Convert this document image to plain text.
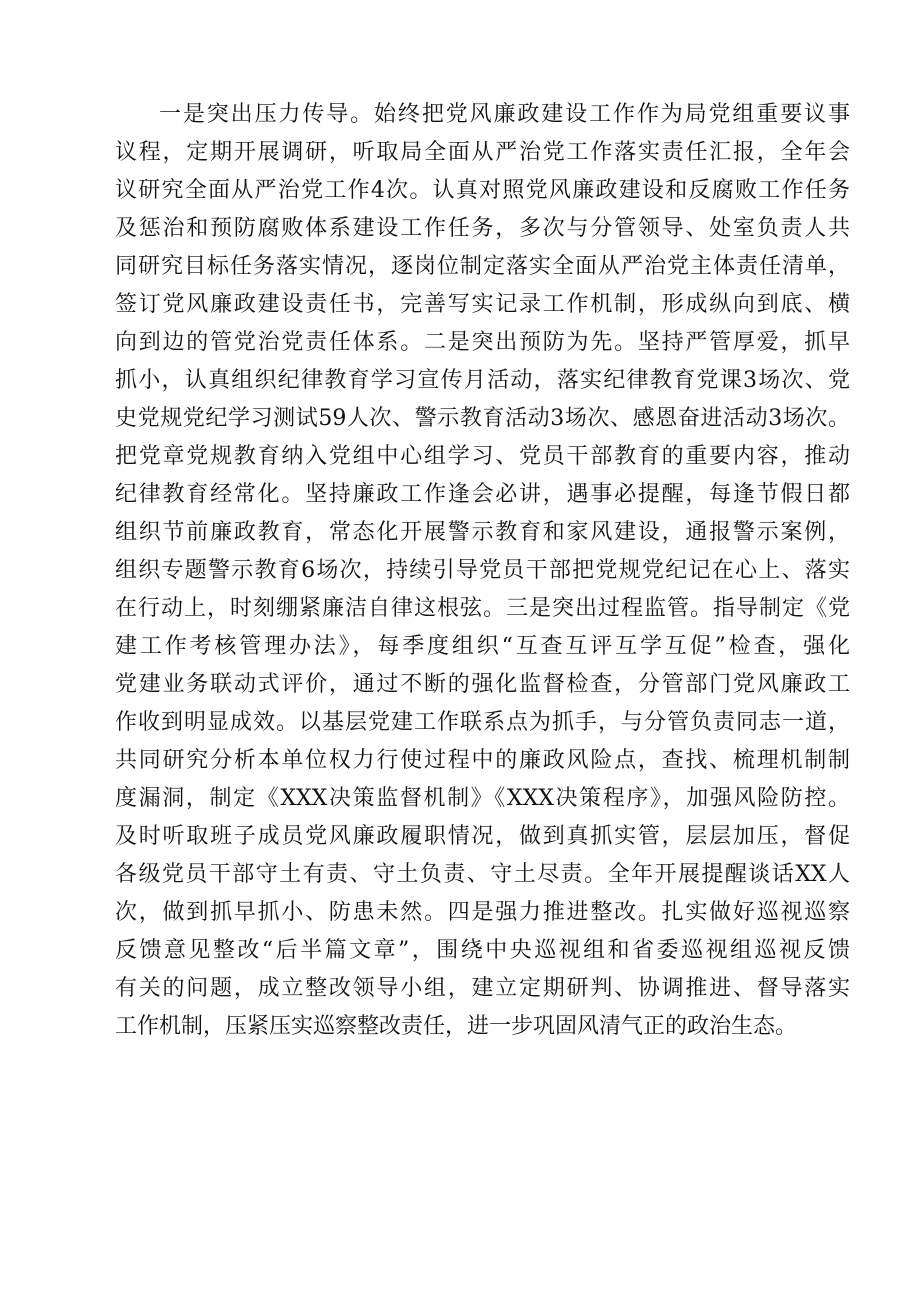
一是突出压力传导。始终把党风廉政建设工作作为局党组重要议事
议程，定期开展调研，听取局全面从严治党工作落实责任汇报，全年会
议研究全面从严治党工作4次。认真对照党风廉政建设和反腐败工作任务
及惩治和预防腐败体系建设工作任务，多次与分管领导、处室负责人共
同研究目标任务落实情况，逐岗位制定落实全面从严治党主体责任清单，
签订党风廉政建设责任书，完善写实记录工作机制，形成纵向到底、横
向到边的管党治党责任体系。二是突出预防为先。坚持严管厚爱，抓早
抓小，认真组织纪律教育学习宣传月活动，落实纪律教育党课3场次、党
史党规党纪学习测试59人次、警示教育活动3场次、感恩奋进活动3场次。
把党章党规教育纳入党组中心组学习、党员干部教育的重要内容，推动
纪律教育经常化。坚持廉政工作逢会必讲，遇事必提醒，每逢节假日都
组织节前廉政教育，常态化开展警示教育和家风建设，通报警示案例，
组织专题警示教育6场次，持续引导党员干部把党规党纪记在心上、落实
在行动上，时刻绷紧廉洁自律这根弦。三是突出过程监管。指导制定《党
建工作考核管理办法》，每季度组织“互查互评互学互促”检查，强化
党建业务联动式评价，通过不断的强化监督检查，分管部门党风廉政工
作收到明显成效。以基层党建工作联系点为抓手，与分管负责同志一道，
共同研究分析本单位权力行使过程中的廉政风险点，查找、梳理机制制
度漏洞，制定《XXX决策监督机制》《XXX决策程序》，加强风险防控。
及时听取班子成员党风廉政履职情况，做到真抓实管，层层加压，督促
各级党员干部守土有责、守土负责、守土尽责。全年开展提醒谈话XX人
次，做到抓早抓小、防患未然。四是强力推进整改。扎实做好巡视巡察
反馈意见整改“后半篇文章”，围绕中央巡视组和省委巡视组巡视反馈
有关的问题，成立整改领导小组，建立定期研判、协调推进、督导落实
工作机制，压紧压实巡察整改责任，进一步巩固风清气正的政治生态。
